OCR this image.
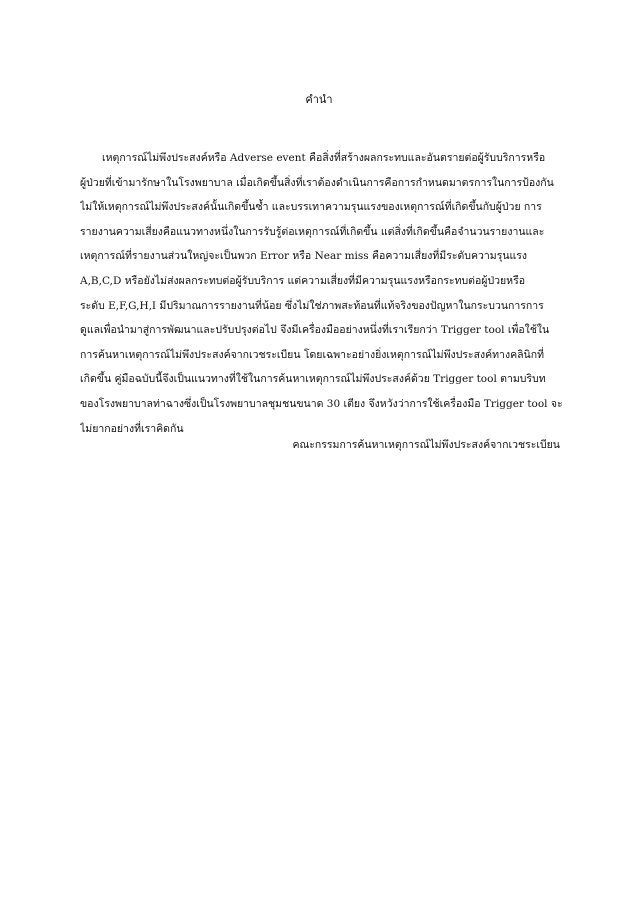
คำนำ

เหตุการณ์ไม่พึงประสงค์หรือ Adverse event คือสิ่งที่สร้างผลกระทบและอันตรายต่อผู้รับบริการหรือ
ผู้ป่วยที่เข้ามารักษาในโรงพยาบาล เมื่อเกิดขึ้นสิ่งที่เราต้องดำเนินการคือการกำหนดมาตรการในการป้องกัน
ไม่ให้เหตุการณ์ไม่พึงประสงค์นั้นเกิดขึ้นซ้ำ และบรรเทาความรุนแรงของเหตุการณ์ที่เกิดขึ้นกับผู้ป่วย การ
รายงานความเสี่ยงคือแนวทางหนึ่งในการรับรู้ต่อเหตุการณ์ที่เกิดขึ้น แต่สิ่งที่เกิดขึ้นคือจำนวนรายงานและ
เหตุการณ์ที่รายงานส่วนใหญ่จะเป็นพวก Error หรือ Near miss คือความเสี่ยงที่มีระดับความรุนแรง
A,B,C,D หรือยังไม่ส่งผลกระทบต่อผู้รับบริการ แต่ความเสี่ยงที่มีความรุนแรงหรือกระทบต่อผู้ป่วยหรือ
ระดับ E,F,G,H,I มีปริมาณการรายงานที่น้อย ซึ่งไม่ใช่ภาพสะท้อนที่แท้จริงของปัญหาในกระบวนการการ
ดูแลเพื่อนำมาสู่การพัฒนาและปรับปรุงต่อไป จึงมีเครื่องมืออย่างหนึ่งที่เราเรียกว่า Trigger tool เพื่อใช้ใน
การค้นหาเหตุการณ์ไม่พึงประสงค์จากเวชระเบียน โดยเฉพาะอย่างยิ่งเหตุการณ์ไม่พึงประสงค์ทางคลินิกที่
เกิดขึ้น คู่มือฉบับนี้จึงเป็นแนวทางที่ใช้ในการค้นหาเหตุการณ์ไม่พึงประสงค์ด้วย Trigger tool ตามบริบท
ของโรงพยาบาลท่าฉางซึ่งเป็นโรงพยาบาลชุมชนขนาด 30 เตียง จึงหวังว่าการใช้เครื่องมือ Trigger tool จะ
ไม่ยากอย่างที่เราคิดกัน

คณะกรรมการค้นหาเหตุการณ์ไม่พึงประสงค์จากเวชระเบียน
